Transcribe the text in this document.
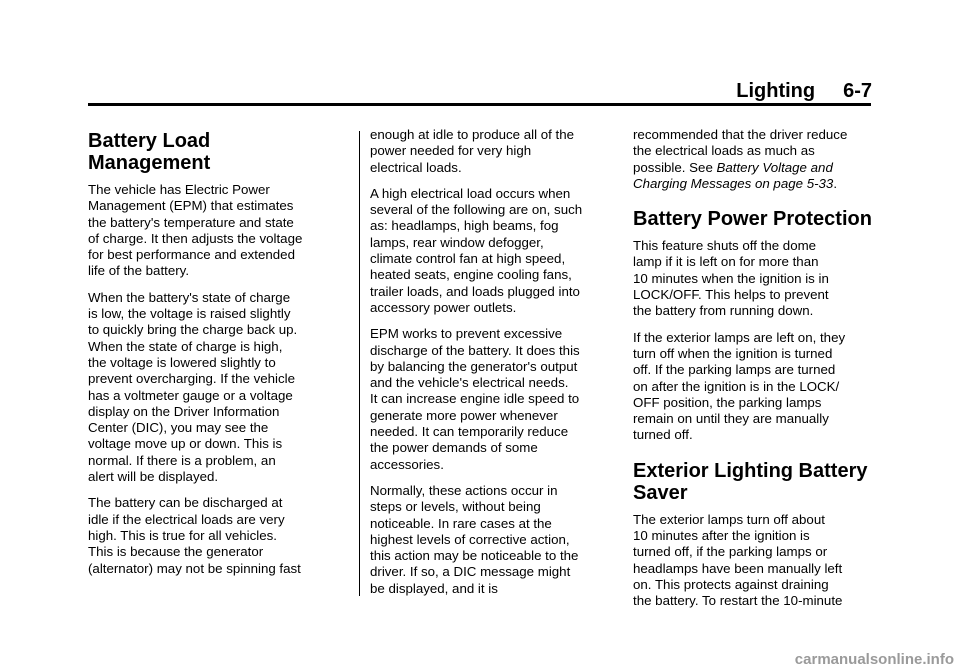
Lighting 6-7
Battery Load
Management

The vehicle has Electric Power
Management (EPM) that estimates
the battery's temperature and state
of charge. It then adjusts the voltage
for best performance and extended
life of the battery.

When the battery's state of charge
is low, the voltage is raised slightly
to quickly bring the charge back up.
When the state of charge is high,
the voltage is lowered slightly to
prevent overcharging. If the vehicle
has a voltmeter gauge or a voltage
display on the Driver Information
Center (DIC), you may see the
voltage move up or down. This is
normal. If there is a problem, an
alert will be displayed.

The battery can be discharged at
idle if the electrical loads are very
high. This is true for all vehicles.
This is because the generator
(alternator) may not be spinning fast

enough at idle to produce all of the
power needed for very high
electrical loads.

A high electrical load occurs when
several of the following are on, such
as: headlamps, high beams, fog
lamps, rear window defogger,
climate control fan at high speed,
heated seats, engine cooling fans,
trailer loads, and loads plugged into
accessory power outlets.

EPM works to prevent excessive
discharge of the battery. It does this
by balancing the generator's output
and the vehicle's electrical needs.
It can increase engine idle speed to
generate more power whenever
needed. It can temporarily reduce
the power demands of some
accessories.

Normally, these actions occur in
steps or levels, without being
noticeable. In rare cases at the
highest levels of corrective action,
this action may be noticeable to the
driver. If so, a DIC message might
be displayed, and it is

recommended that the driver reduce
the electrical loads as much as
possible. See Battery Voltage and
Charging Messages on page 5-33.

Battery Power Protection

This feature shuts off the dome
lamp if it is left on for more than
10 minutes when the ignition is in
LOCK/OFF. This helps to prevent
the battery from running down.

If the exterior lamps are left on, they
turn off when the ignition is turned
off. If the parking lamps are turned
on after the ignition is in the LOCK/
OFF position, the parking lamps
remain on until they are manually
turned off.

Exterior Lighting Battery
Saver

The exterior lamps turn off about
10 minutes after the ignition is
turned off, if the parking lamps or
headlamps have been manually left
on. This protects against draining
the battery. To restart the 10-minute

carmanualsonline.info
